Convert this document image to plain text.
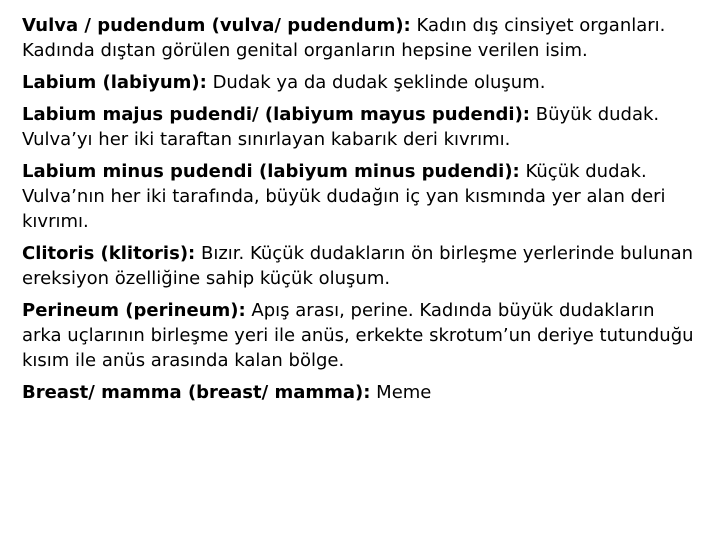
Vulva / pudendum (vulva/ pudendum): Kadın dış cinsiyet organları. Kadında dıştan görülen genital organların hepsine verilen isim.

Labium (labiyum): Dudak ya da dudak şeklinde oluşum.

Labium majus pudendi/ (labiyum mayus pudendi): Büyük dudak. Vulva’yı her iki taraftan sınırlayan kabarık deri kıvrımı.

Labium minus pudendi (labiyum minus pudendi): Küçük dudak. Vulva’nın her iki tarafında, büyük dudağın iç yan kısmında yer alan deri kıvrımı.

Clitoris (klitoris): Bızır. Küçük dudakların ön birleşme yerlerinde bulunan ereksiyon özelliğine sahip küçük oluşum.

Perineum (perineum): Apış arası, perine. Kadında büyük dudakların arka uçlarının birleşme yeri ile anüs, erkekte skrotum’un deriye tutunduğu kısım ile anüs arasında kalan bölge.

Breast/ mamma (breast/ mamma): Meme
